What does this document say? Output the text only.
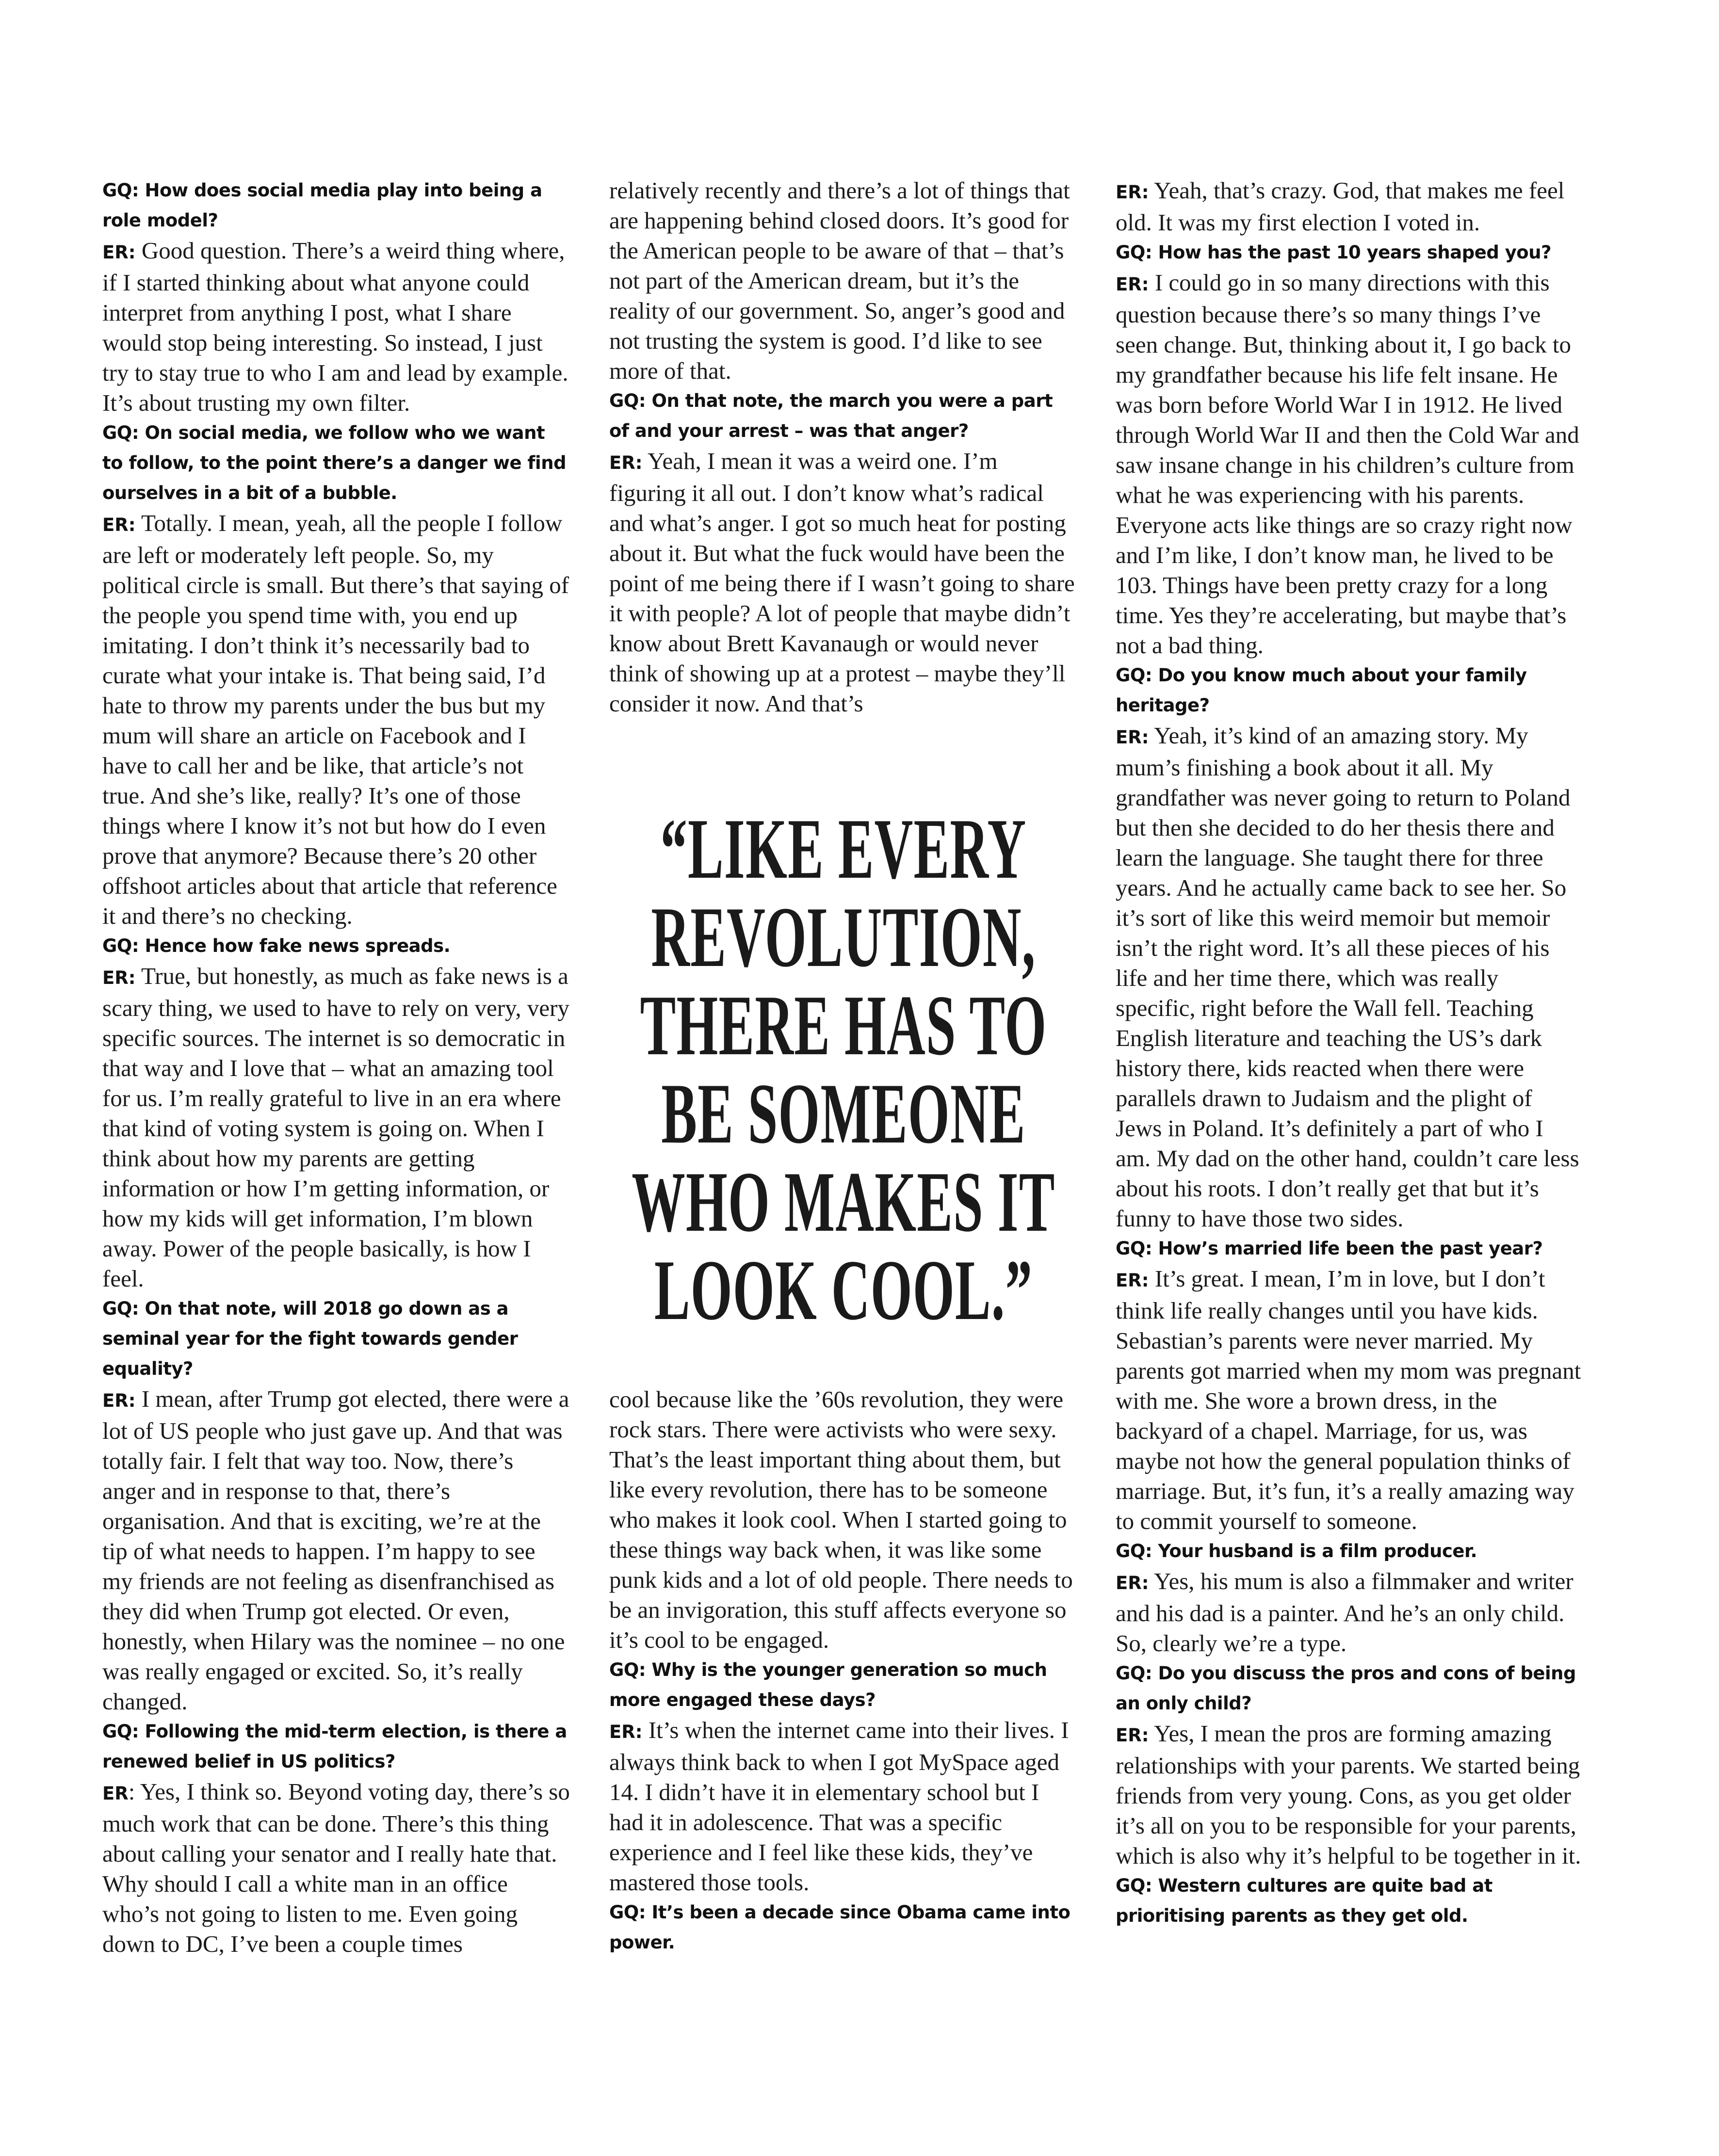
GQ: How does social media play into being a role model?

ER: Good question. There’s a weird thing where, if I started thinking about what anyone could interpret from anything I post, what I share would stop being interesting. So instead, I just try to stay true to who I am and lead by example. It’s about trusting my own filter.

GQ: On social media, we follow who we want to follow, to the point there’s a danger we find ourselves in a bit of a bubble.

ER: Totally. I mean, yeah, all the people I follow are left or moderately left people. So, my political circle is small. But there’s that saying of the people you spend time with, you end up imitating. I don’t think it’s necessarily bad to curate what your intake is. That being said, I’d hate to throw my parents under the bus but my mum will share an article on Facebook and I have to call her and be like, that article’s not true. And she’s like, really? It’s one of those things where I know it’s not but how do I even prove that anymore? Because there’s 20 other offshoot articles about that article that reference it and there’s no checking.

GQ: Hence how fake news spreads.

ER: True, but honestly, as much as fake news is a scary thing, we used to have to rely on very, very specific sources. The internet is so democratic in that way and I love that – what an amazing tool for us. I’m really grateful to live in an era where that kind of voting system is going on. When I think about how my parents are getting information or how I’m getting information, or how my kids will get information, I’m blown away. Power of the people basically, is how I feel.

GQ: On that note, will 2018 go down as a seminal year for the fight towards gender equality?

ER: I mean, after Trump got elected, there were a lot of US people who just gave up. And that was totally fair. I felt that way too. Now, there’s anger and in response to that, there’s organisation. And that is exciting, we’re at the tip of what needs to happen. I’m happy to see my friends are not feeling as disenfranchised as they did when Trump got elected. Or even, honestly, when Hilary was the nominee – no one was really engaged or excited. So, it’s really changed.

GQ: Following the mid-term election, is there a renewed belief in US politics?

ER: Yes, I think so. Beyond voting day, there’s so much work that can be done. There’s this thing about calling your senator and I really hate that. Why should I call a white man in an office who’s not going to listen to me. Even going down to DC, I’ve been a couple times

relatively recently and there’s a lot of things that are happening behind closed doors. It’s good for the American people to be aware of that – that’s not part of the American dream, but it’s the reality of our government. So, anger’s good and not trusting the system is good. I’d like to see more of that.

GQ: On that note, the march you were a part of and your arrest – was that anger?

ER: Yeah, I mean it was a weird one. I’m figuring it all out. I don’t know what’s radical and what’s anger. I got so much heat for posting about it. But what the fuck would have been the point of me being there if I wasn’t going to share it with people? A lot of people that maybe didn’t know about Brett Kavanaugh or would never think of showing up at a protest – maybe they’ll consider it now. And that’s

“LIKE EVERY REVOLUTION, THERE HAS TO BE SOMEONE WHO MAKES IT LOOK COOL.”

cool because like the ’60s revolution, they were rock stars. There were activists who were sexy. That’s the least important thing about them, but like every revolution, there has to be someone who makes it look cool. When I started going to these things way back when, it was like some punk kids and a lot of old people. There needs to be an invigoration, this stuff affects everyone so it’s cool to be engaged.

GQ: Why is the younger generation so much more engaged these days?

ER: It’s when the internet came into their lives. I always think back to when I got MySpace aged 14. I didn’t have it in elementary school but I had it in adolescence. That was a specific experience and I feel like these kids, they’ve mastered those tools.

GQ: It’s been a decade since Obama came into power.

ER: Yeah, that’s crazy. God, that makes me feel old. It was my first election I voted in.

GQ: How has the past 10 years shaped you?

ER: I could go in so many directions with this question because there’s so many things I’ve seen change. But, thinking about it, I go back to my grandfather because his life felt insane. He was born before World War I in 1912. He lived through World War II and then the Cold War and saw insane change in his children’s culture from what he was experiencing with his parents. Everyone acts like things are so crazy right now and I’m like, I don’t know man, he lived to be 103. Things have been pretty crazy for a long time. Yes they’re accelerating, but maybe that’s not a bad thing.

GQ: Do you know much about your family heritage?

ER: Yeah, it’s kind of an amazing story. My mum’s finishing a book about it all. My grandfather was never going to return to Poland but then she decided to do her thesis there and learn the language. She taught there for three years. And he actually came back to see her. So it’s sort of like this weird memoir but memoir isn’t the right word. It’s all these pieces of his life and her time there, which was really specific, right before the Wall fell. Teaching English literature and teaching the US’s dark history there, kids reacted when there were parallels drawn to Judaism and the plight of Jews in Poland. It’s definitely a part of who I am. My dad on the other hand, couldn’t care less about his roots. I don’t really get that but it’s funny to have those two sides.

GQ: How’s married life been the past year?

ER: It’s great. I mean, I’m in love, but I don’t think life really changes until you have kids. Sebastian’s parents were never married. My parents got married when my mom was pregnant with me. She wore a brown dress, in the backyard of a chapel. Marriage, for us, was maybe not how the general population thinks of marriage. But, it’s fun, it’s a really amazing way to commit yourself to someone.

GQ: Your husband is a film producer.

ER: Yes, his mum is also a filmmaker and writer and his dad is a painter. And he’s an only child. So, clearly we’re a type.

GQ: Do you discuss the pros and cons of being an only child?

ER: Yes, I mean the pros are forming amazing relationships with your parents. We started being friends from very young. Cons, as you get older it’s all on you to be responsible for your parents, which is also why it’s helpful to be together in it.

GQ: Western cultures are quite bad at prioritising parents as they get old.
